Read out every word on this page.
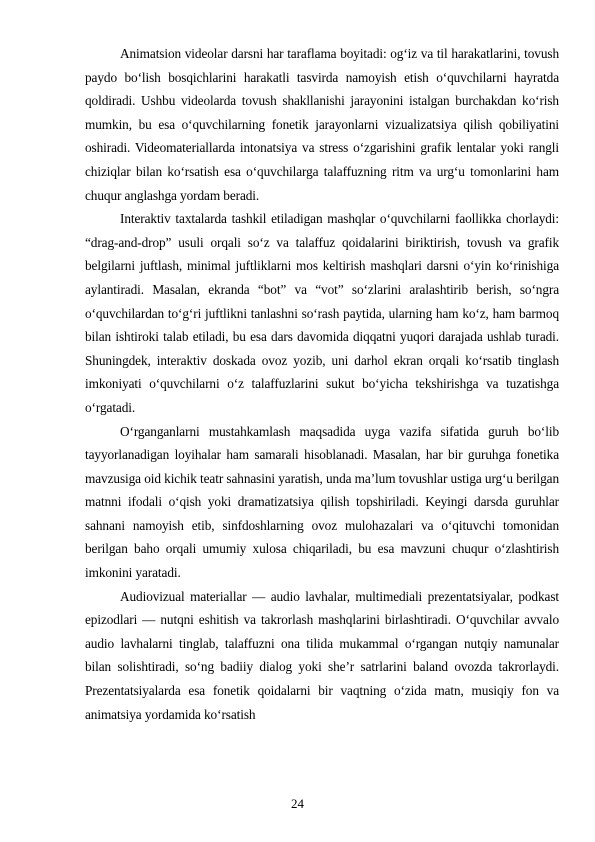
Animatsion videolar darsni har taraflama boyitadi: og‘iz va til harakatlarini, tovush paydo bo‘lish bosqichlarini harakatli tasvirda namoyish etish o‘quvchilarni hayratda qoldiradi. Ushbu videolarda tovush shakllanishi jarayonini istalgan burchakdan ko‘rish mumkin, bu esa o‘quvchilarning fonetik jarayonlarni vizualizatsiya qilish qobiliyatini oshiradi. Videomateriallarda intonatsiya va stress o‘zgarishini grafik lentalar yoki rangli chiziqlar bilan ko‘rsatish esa o‘quvchilarga talaffuzning ritm va urg‘u tomonlarini ham chuqur anglashga yordam beradi.

Interaktiv taxtalarda tashkil etiladigan mashqlar o‘quvchilarni faollikka chorlaydi: “drag-and-drop” usuli orqali so‘z va talaffuz qoidalarini biriktirish, tovush va grafik belgilarni juftlash, minimal juftliklarni mos keltirish mashqlari darsni o‘yin ko‘rinishiga aylantiradi. Masalan, ekranda “bot” va “vot” so‘zlarini aralashtirib berish, so‘ngra o‘quvchilardan to‘g‘ri juftlikni tanlashni so‘rash paytida, ularning ham ko‘z, ham barmoq bilan ishtiroki talab etiladi, bu esa dars davomida diqqatni yuqori darajada ushlab turadi. Shuningdek, interaktiv doskada ovoz yozib, uni darhol ekran orqali ko‘rsatib tinglash imkoniyati o‘quvchilarni o‘z talaffuzlarini sukut bo‘yicha tekshirishga va tuzatishga o‘rgatadi.

O‘rganganlarni mustahkamlash maqsadida uyga vazifa sifatida guruh bo‘lib tayyorlanadigan loyihalar ham samarali hisoblanadi. Masalan, har bir guruhga fonetika mavzusiga oid kichik teatr sahnasini yaratish, unda ma’lum tovushlar ustiga urg‘u berilgan matnni ifodali o‘qish yoki dramatizatsiya qilish topshiriladi. Keyingi darsda guruhlar sahnani namoyish etib, sinfdoshlarning ovoz mulohazalari va o‘qituvchi tomonidan berilgan baho orqali umumiy xulosa chiqariladi, bu esa mavzuni chuqur o‘zlashtirish imkonini yaratadi.

Audiovizual materiallar — audio lavhalar, multimediali prezentatsiyalar, podkast epizodlari — nutqni eshitish va takrorlash mashqlarini birlashtiradi. O‘quvchilar avvalo audio lavhalarni tinglab, talaffuzni ona tilida mukammal o‘rgangan nutqiy namunalar bilan solishtiradi, so‘ng badiiy dialog yoki she’r satrlarini baland ovozda takrorlaydi. Prezentatsiyalarda esa fonetik qoidalarni bir vaqtning o‘zida matn, musiqiy fon va animatsiya yordamida ko‘rsatish

24
